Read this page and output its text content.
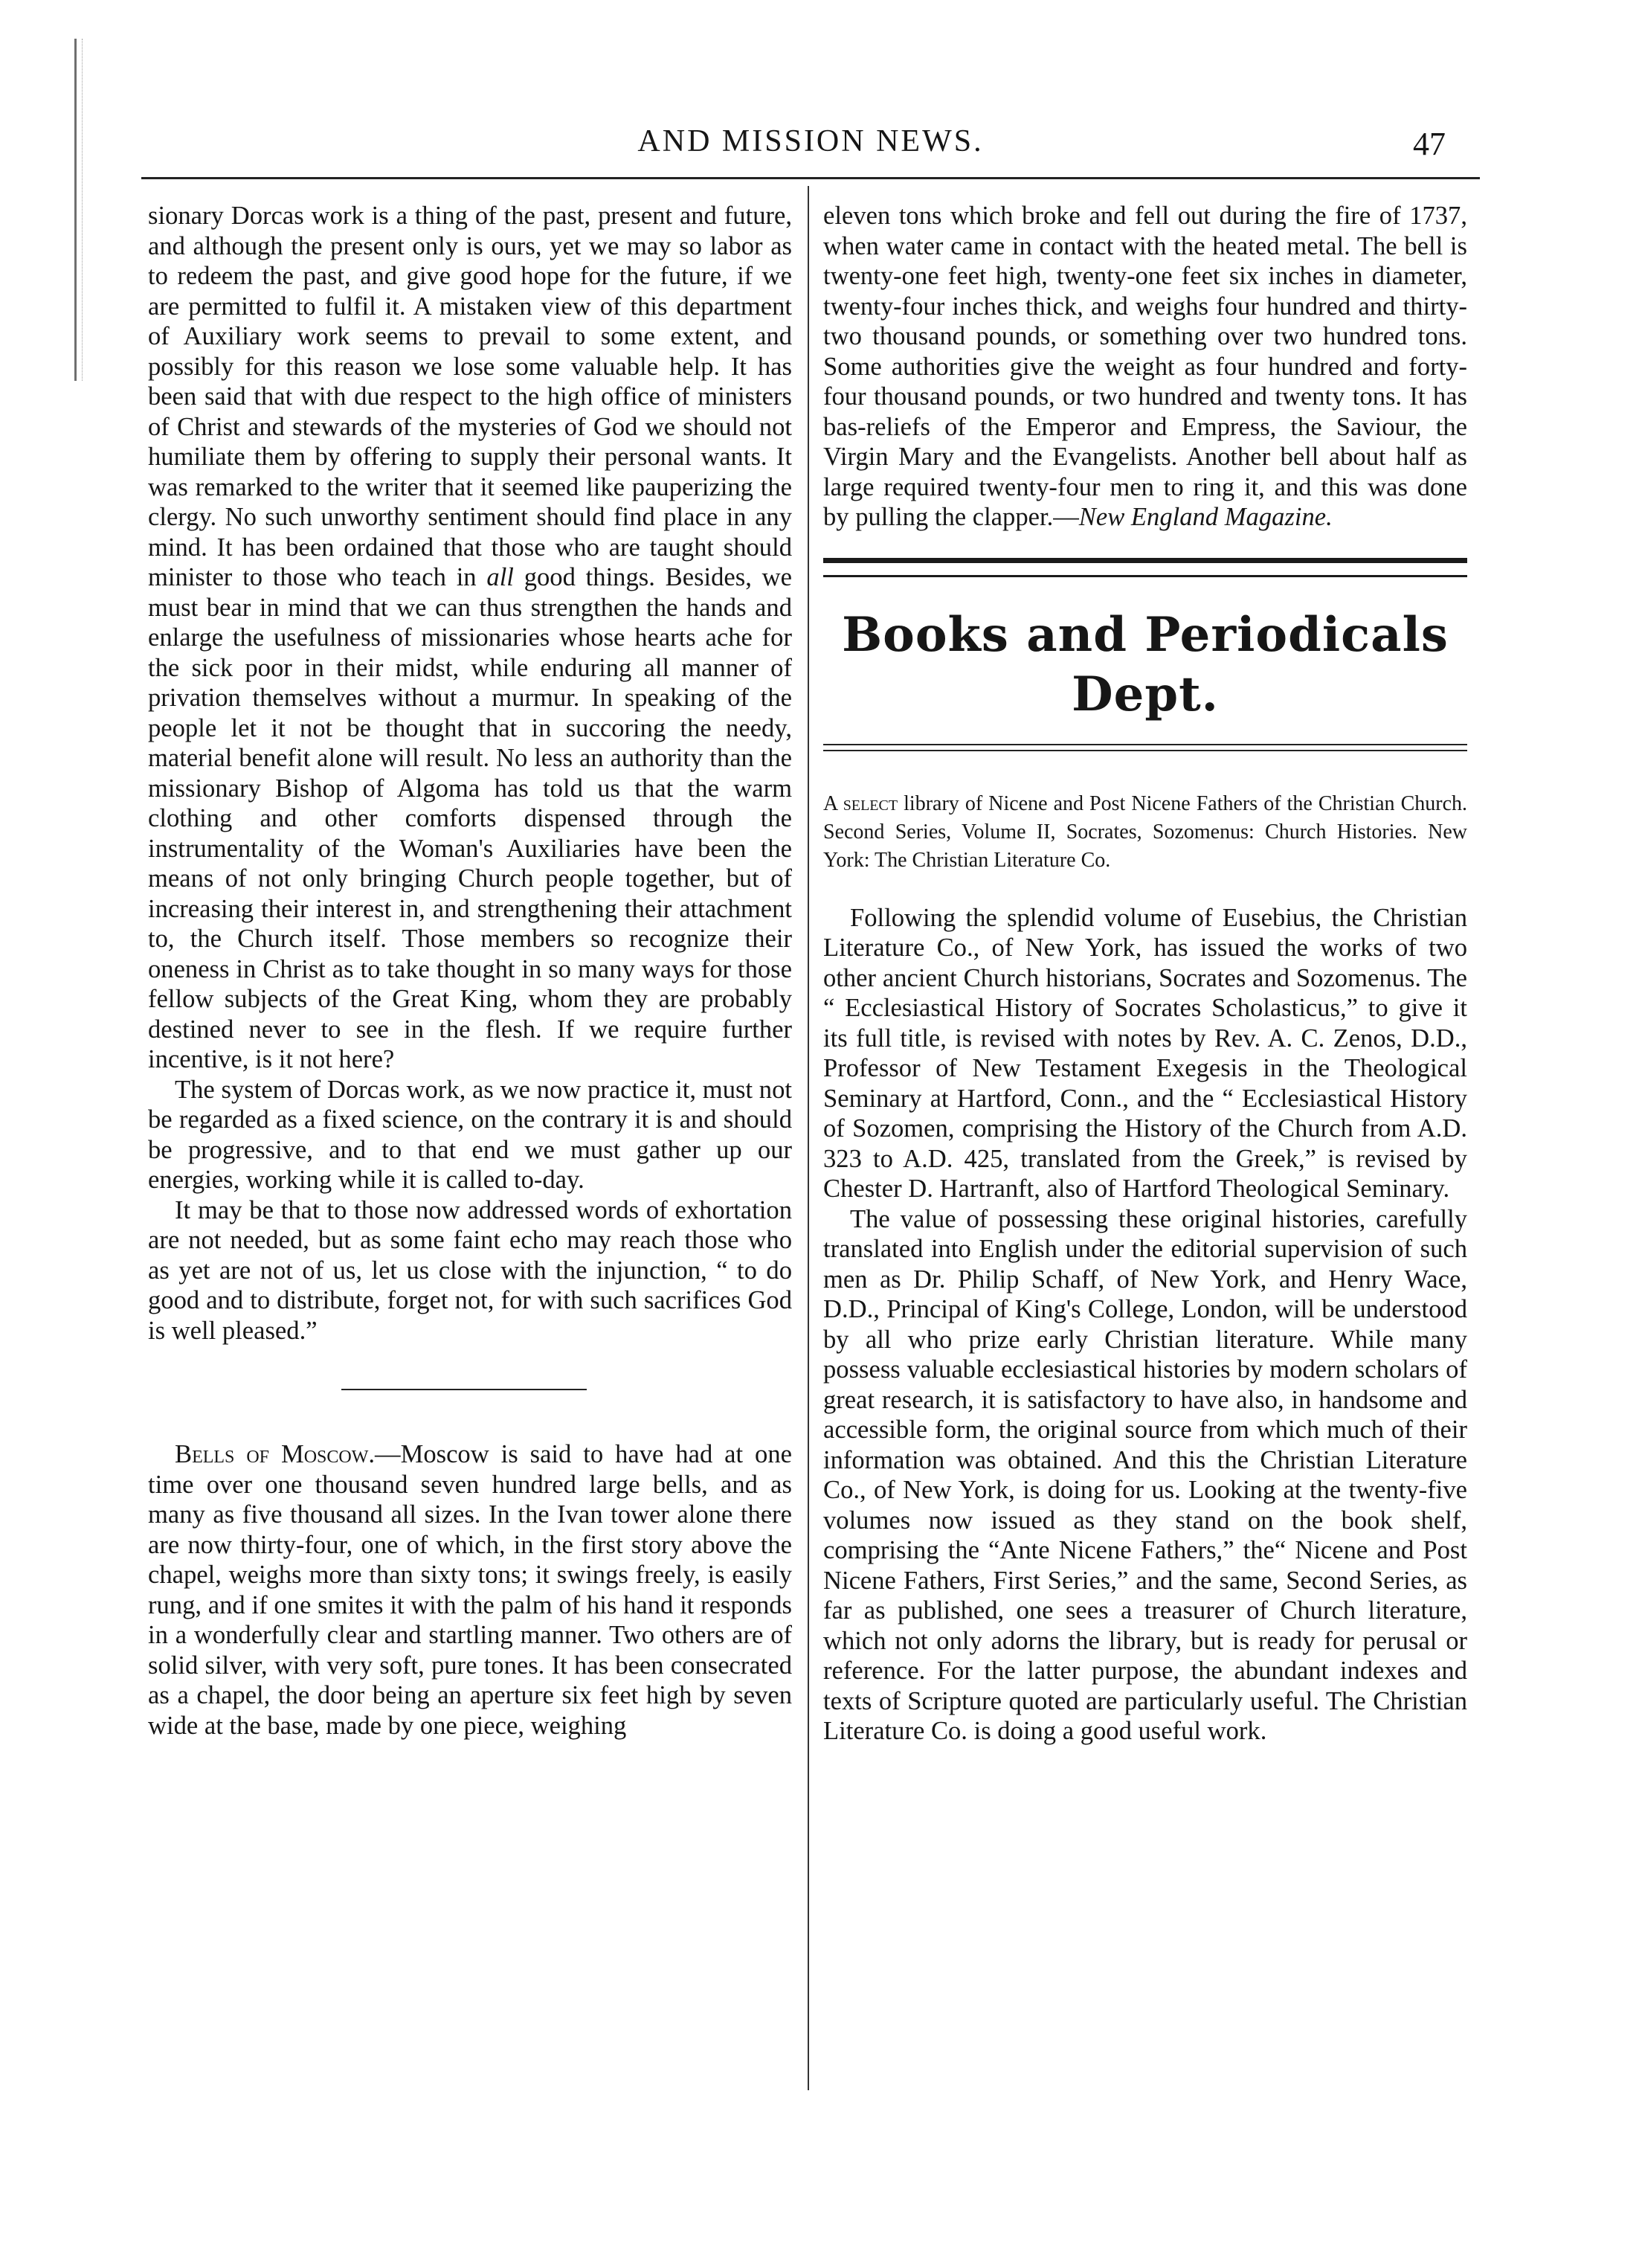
AND MISSION NEWS.	47

sionary Dorcas work is a thing of the past, present and future, and although the present only is ours, yet we may so labor as to redeem the past, and give good hope for the future, if we are permitted to fulfil it. A mistaken view of this department of Auxiliary work seems to prevail to some extent, and possibly for this reason we lose some valuable help. It has been said that with due respect to the high office of ministers of Christ and stewards of the mysteries of God we should not humiliate them by offering to supply their personal wants. It was remarked to the writer that it seemed like pauperizing the clergy. No such unworthy sentiment should find place in any mind. It has been ordained that those who are taught should minister to those who teach in all good things. Besides, we must bear in mind that we can thus strengthen the hands and enlarge the usefulness of missionaries whose hearts ache for the sick poor in their midst, while enduring all manner of privation themselves without a murmur. In speaking of the people let it not be thought that in succoring the needy, material benefit alone will result. No less an authority than the missionary Bishop of Algoma has told us that the warm clothing and other comforts dispensed through the instrumentality of the Woman's Auxiliaries have been the means of not only bringing Church people together, but of increasing their interest in, and strengthening their attachment to, the Church itself. Those members so recognize their oneness in Christ as to take thought in so many ways for those fellow subjects of the Great King, whom they are probably destined never to see in the flesh. If we require further incentive, is it not here?

The system of Dorcas work, as we now practice it, must not be regarded as a fixed science, on the contrary it is and should be progressive, and to that end we must gather up our energies, working while it is called to-day.

It may be that to those now addressed words of exhortation are not needed, but as some faint echo may reach those who as yet are not of us, let us close with the injunction, “ to do good and to distribute, forget not, for with such sacrifices God is well pleased.”

Bells of Moscow.—Moscow is said to have had at one time over one thousand seven hundred large bells, and as many as five thousand all sizes. In the Ivan tower alone there are now thirty-four, one of which, in the first story above the chapel, weighs more than sixty tons; it swings freely, is easily rung, and if one smites it with the palm of his hand it responds in a wonderfully clear and startling manner. Two others are of solid silver, with very soft, pure tones. It has been consecrated as a chapel, the door being an aperture six feet high by seven wide at the base, made by one piece, weighing

eleven tons which broke and fell out during the fire of 1737, when water came in contact with the heated metal. The bell is twenty-one feet high, twenty-one feet six inches in diameter, twenty-four inches thick, and weighs four hundred and thirty-two thousand pounds, or something over two hundred tons. Some authorities give the weight as four hundred and forty-four thousand pounds, or two hundred and twenty tons. It has bas-reliefs of the Emperor and Empress, the Saviour, the Virgin Mary and the Evangelists. Another bell about half as large required twenty-four men to ring it, and this was done by pulling the clapper.—New England Magazine.

Books and Periodicals Dept.

A select library of Nicene and Post Nicene Fathers of the Christian Church. Second Series, Volume II, Socrates, Sozomenus: Church Histories. New York: The Christian Literature Co.

Following the splendid volume of Eusebius, the Christian Literature Co., of New York, has issued the works of two other ancient Church historians, Socrates and Sozomenus. The “ Ecclesiastical History of Socrates Scholasticus,” to give it its full title, is revised with notes by Rev. A. C. Zenos, D.D., Professor of New Testament Exegesis in the Theological Seminary at Hartford, Conn., and the “ Ecclesiastical History of Sozomen, comprising the History of the Church from A.D. 323 to A.D. 425, translated from the Greek,” is revised by Chester D. Hartranft, also of Hartford Theological Seminary.

The value of possessing these original histories, carefully translated into English under the editorial supervision of such men as Dr. Philip Schaff, of New York, and Henry Wace, D.D., Principal of King's College, London, will be understood by all who prize early Christian literature. While many possess valuable ecclesiastical histories by modern scholars of great research, it is satisfactory to have also, in handsome and accessible form, the original source from which much of their information was obtained. And this the Christian Literature Co., of New York, is doing for us. Looking at the twenty-five volumes now issued as they stand on the book shelf, comprising the “Ante Nicene Fathers,” the“ Nicene and Post Nicene Fathers, First Series,” and the same, Second Series, as far as published, one sees a treasurer of Church literature, which not only adorns the library, but is ready for perusal or reference. For the latter purpose, the abundant indexes and texts of Scripture quoted are particularly useful. The Christian Literature Co. is doing a good useful work.
